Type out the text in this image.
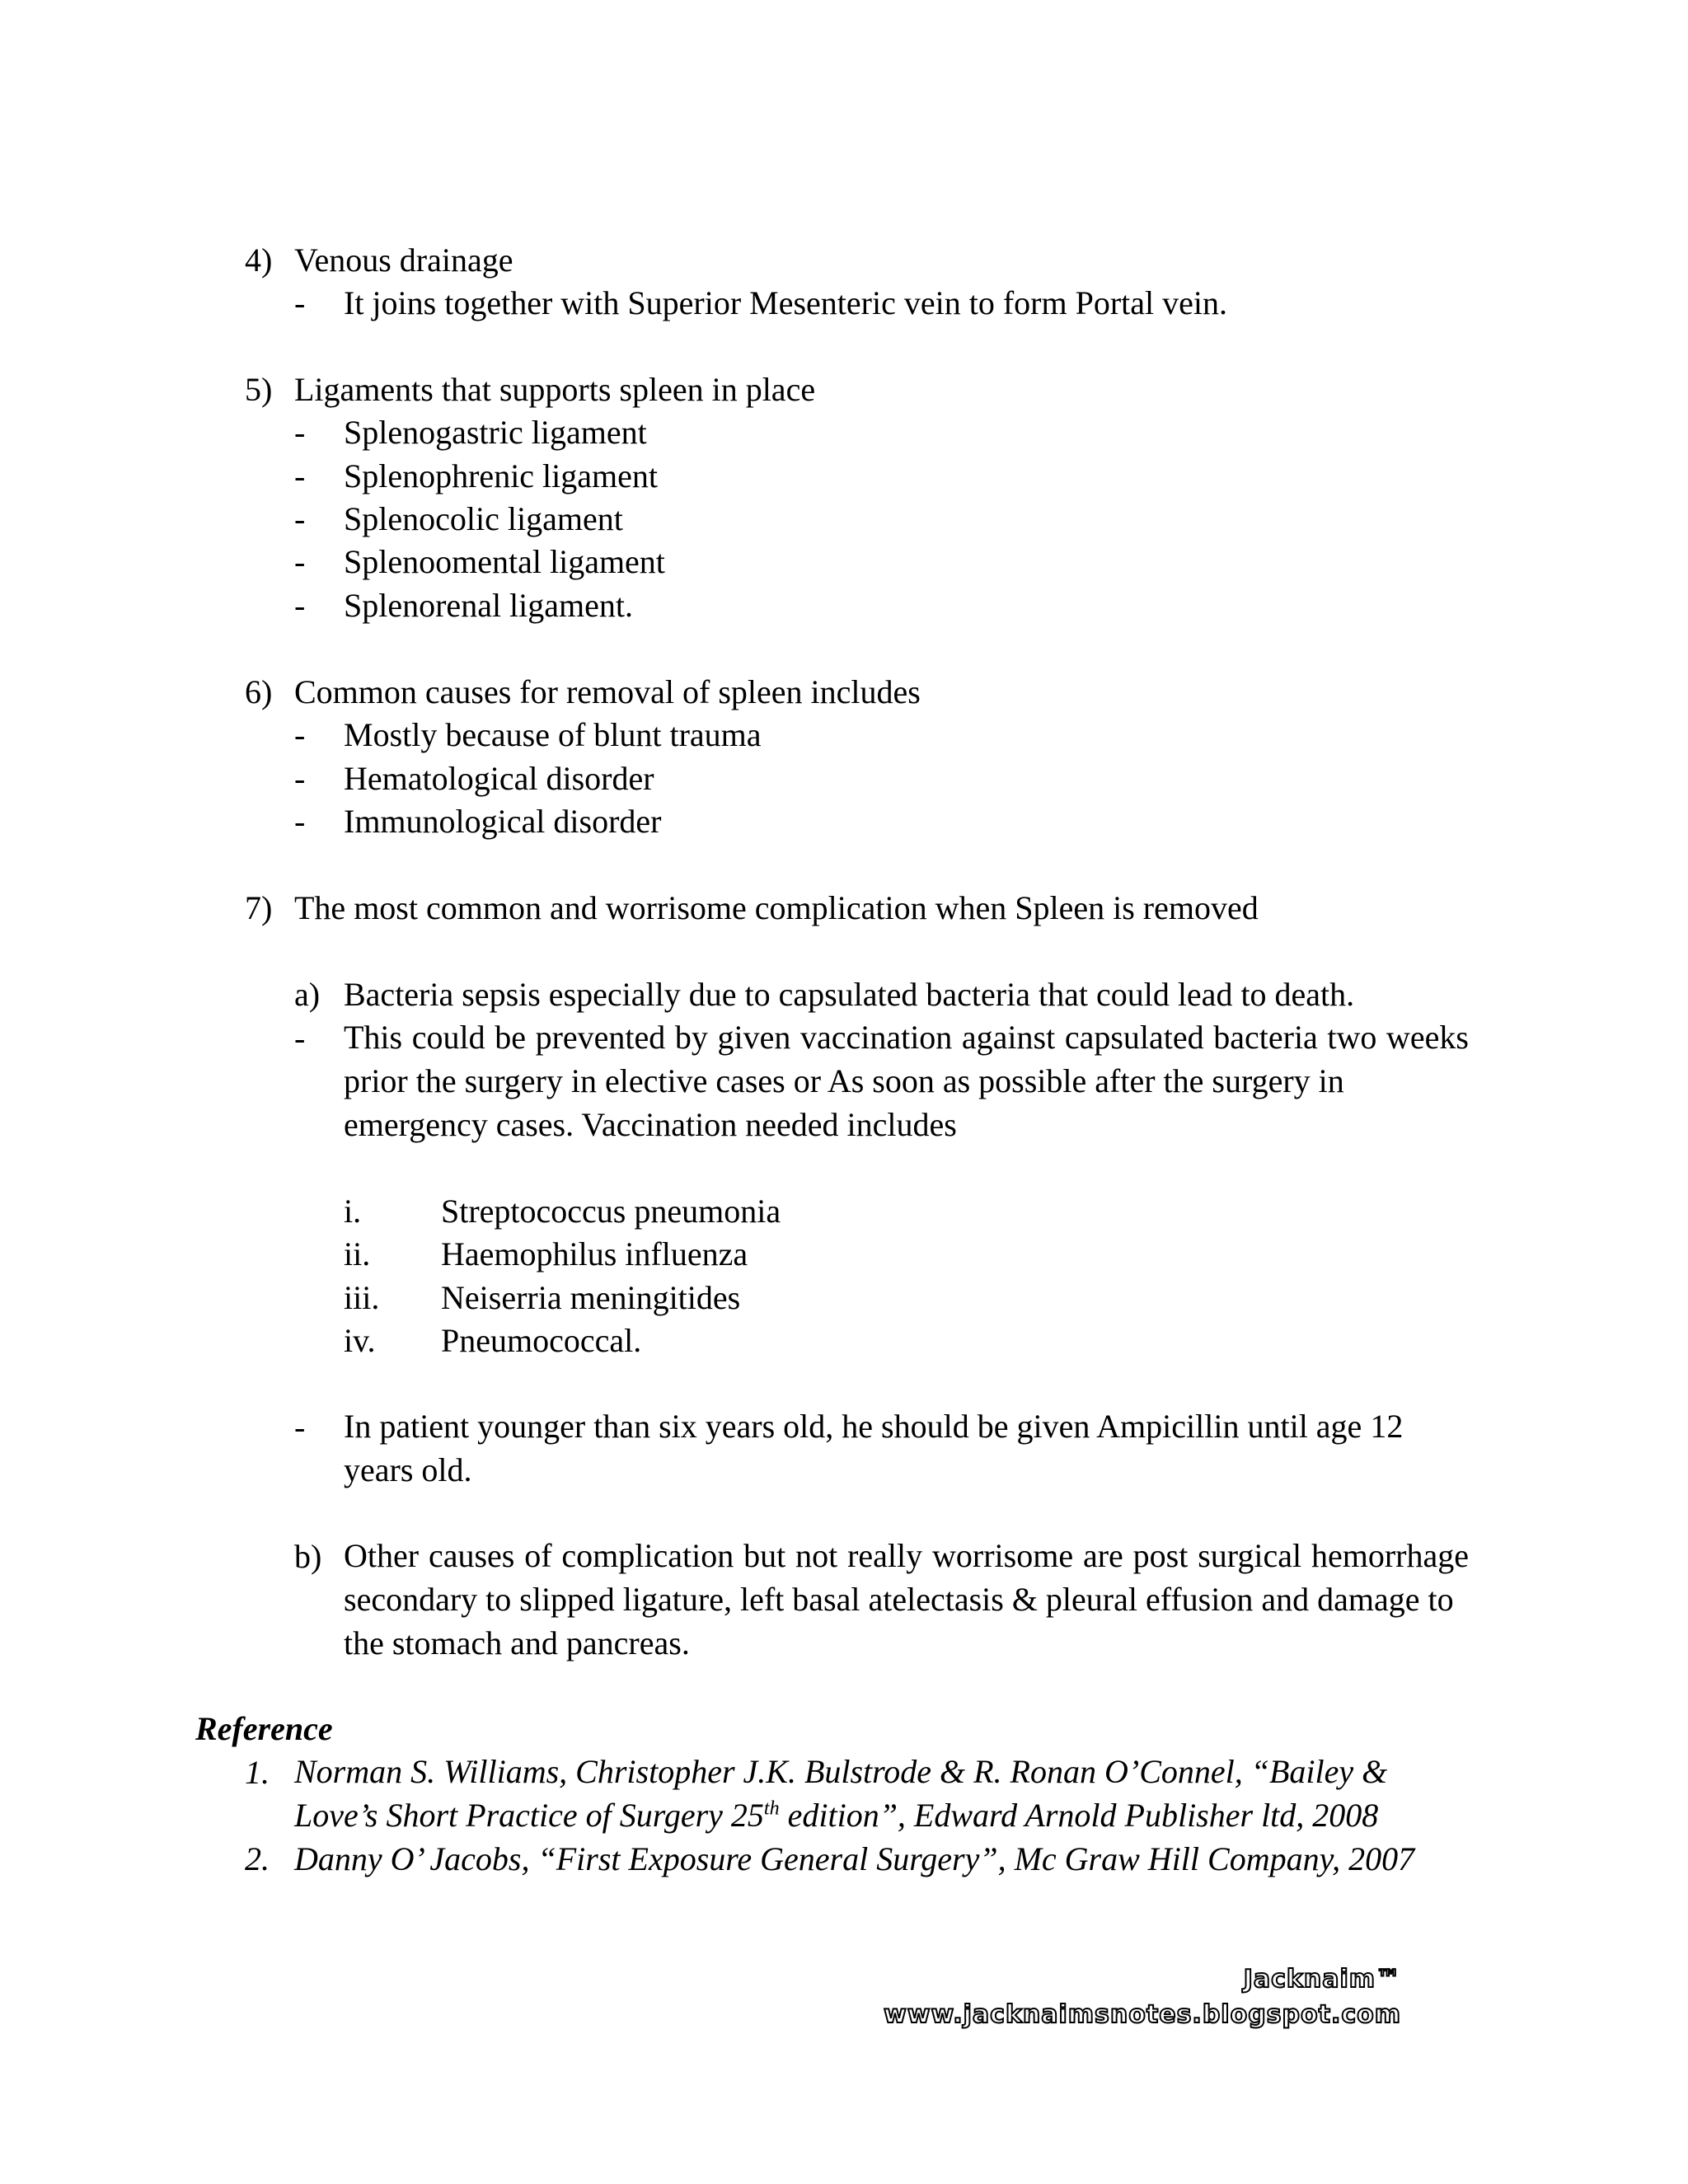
4) Venous drainage
- It joins together with Superior Mesenteric vein to form Portal vein.
5) Ligaments that supports spleen in place
- Splenogastric ligament
- Splenophrenic ligament
- Splenocolic ligament
- Splenoomental ligament
- Splenorenal ligament.
6) Common causes for removal of spleen includes
- Mostly because of blunt trauma
- Hematological disorder
- Immunological disorder
7) The most common and worrisome complication when Spleen is removed
a) Bacteria sepsis especially due to capsulated bacteria that could lead to death.
- This could be prevented by given vaccination against capsulated bacteria two weeks prior the surgery in elective cases or As soon as possible after the surgery in
emergency cases. Vaccination needed includes
i. Streptococcus pneumonia
ii. Haemophilus influenza
iii. Neiserria meningitides
iv. Pneumococcal.
- In patient younger than six years old, he should be given Ampicillin until age 12
years old.
b) Other causes of complication but not really worrisome are post surgical hemorrhage secondary to slipped ligature, left basal atelectasis & pleural effusion and damage to
the stomach and pancreas.
Reference
1. Norman S. Williams, Christopher J.K. Bulstrode & R. Ronan O’Connel, “Bailey &
Love’s Short Practice of Surgery 25th edition”, Edward Arnold Publisher ltd, 2008
2. Danny O’ Jacobs, “First Exposure General Surgery”, Mc Graw Hill Company, 2007
Jacknaim™
www.jacknaimsnotes.blogspot.com
